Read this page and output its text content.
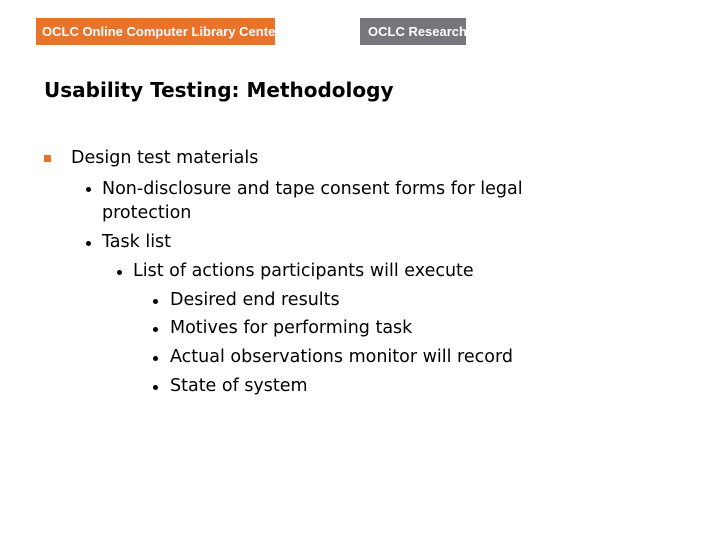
OCLC Online Computer Library Center	OCLC Research
Usability Testing: Methodology
Design test materials
Non-disclosure and tape consent forms for legal
protection
Task list
List of actions participants will execute
Desired end results
Motives for performing task
Actual observations monitor will record
State of system
